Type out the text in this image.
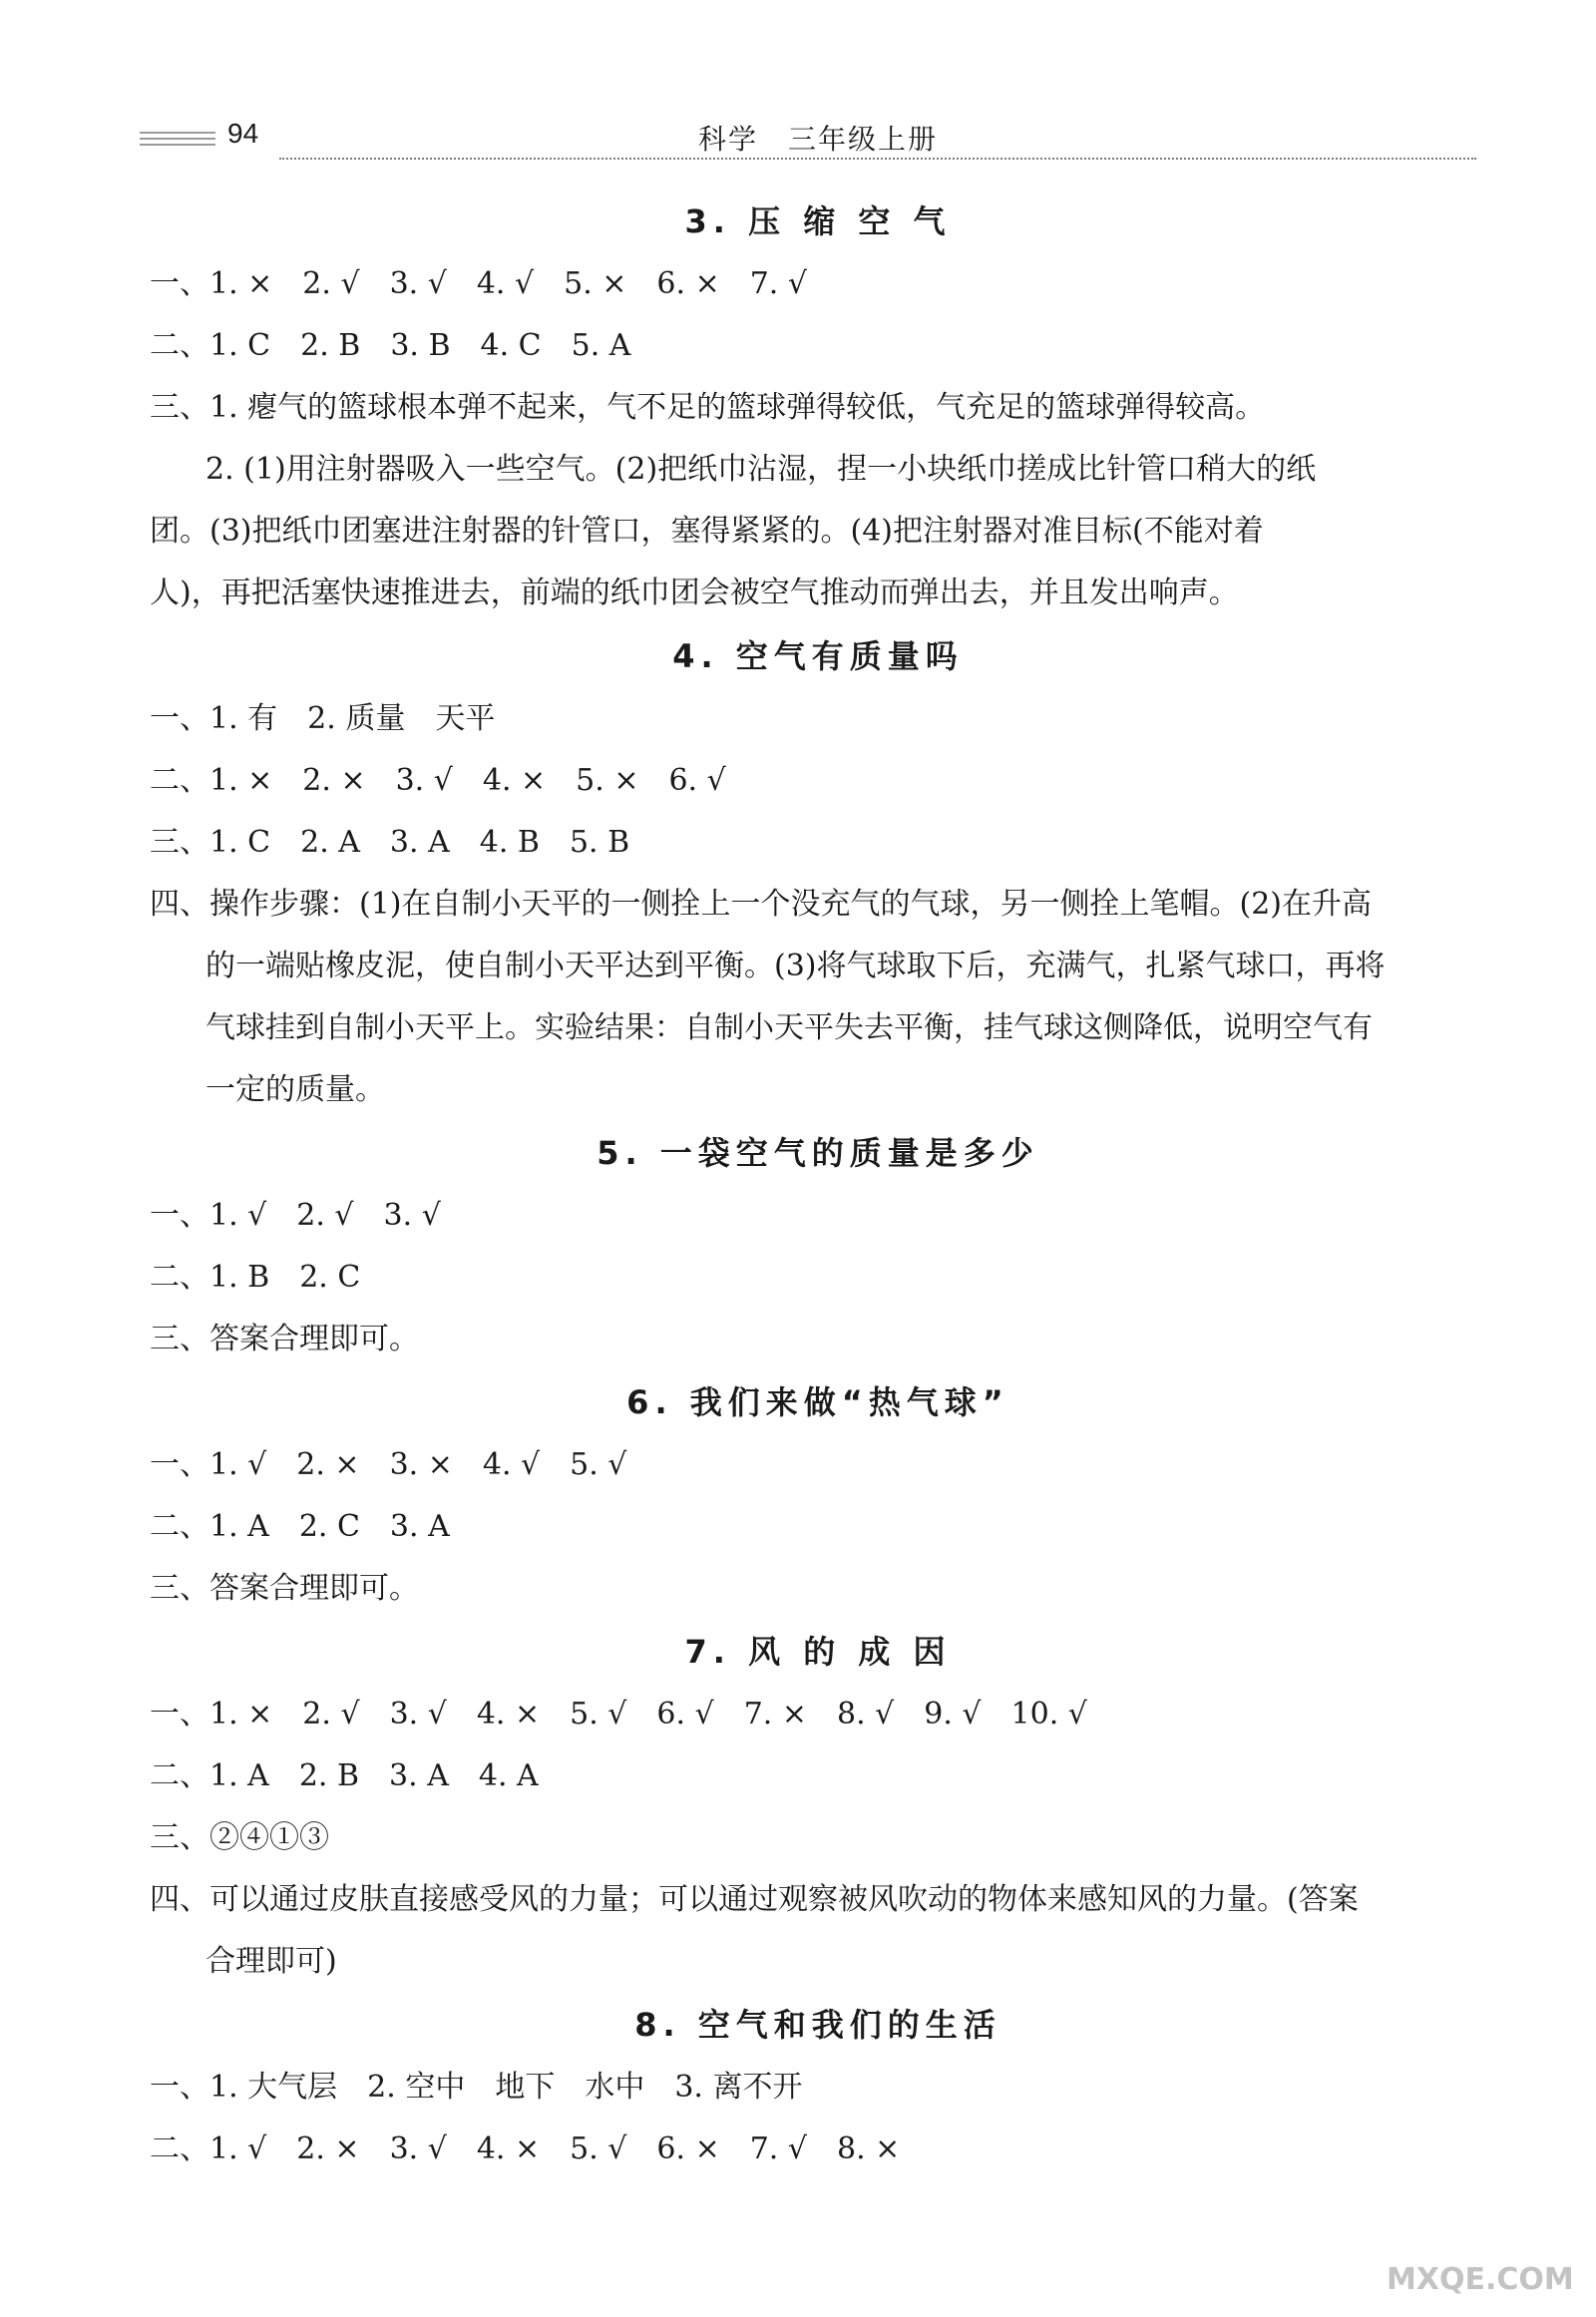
94	科学　三年级上册
3. 压 缩 空 气
一、1. ×　2. √　3. √　4. √　5. ×　6. ×　7. √
二、1. C　2. B　3. B　4. C　5. A
三、1. 瘪气的篮球根本弹不起来，气不足的篮球弹得较低，气充足的篮球弹得较高。
2. (1)用注射器吸入一些空气。(2)把纸巾沾湿，捏一小块纸巾搓成比针管口稍大的纸
团。(3)把纸巾团塞进注射器的针管口，塞得紧紧的。(4)把注射器对准目标(不能对着
人)，再把活塞快速推进去，前端的纸巾团会被空气推动而弹出去，并且发出响声。
4. 空气有质量吗
一、1. 有　2. 质量　天平
二、1. ×　2. ×　3. √　4. ×　5. ×　6. √
三、1. C　2. A　3. A　4. B　5. B
四、操作步骤：(1)在自制小天平的一侧拴上一个没充气的气球，另一侧拴上笔帽。(2)在升高
的一端贴橡皮泥，使自制小天平达到平衡。(3)将气球取下后，充满气，扎紧气球口，再将
气球挂到自制小天平上。实验结果：自制小天平失去平衡，挂气球这侧降低，说明空气有
一定的质量。
5. 一袋空气的质量是多少
一、1. √　2. √　3. √
二、1. B　2. C
三、答案合理即可。
6. 我们来做“热气球”
一、1. √　2. ×　3. ×　4. √　5. √
二、1. A　2. C　3. A
三、答案合理即可。
7. 风 的 成 因
一、1. ×　2. √　3. √　4. ×　5. √　6. √　7. ×　8. √　9. √　10. √
二、1. A　2. B　3. A　4. A
三、②④①③
四、可以通过皮肤直接感受风的力量；可以通过观察被风吹动的物体来感知风的力量。(答案
合理即可)
8. 空气和我们的生活
一、1. 大气层　2. 空中　地下　水中　3. 离不开
二、1. √　2. ×　3. √　4. ×　5. √　6. ×　7. √　8. ×
MXQE.COM
